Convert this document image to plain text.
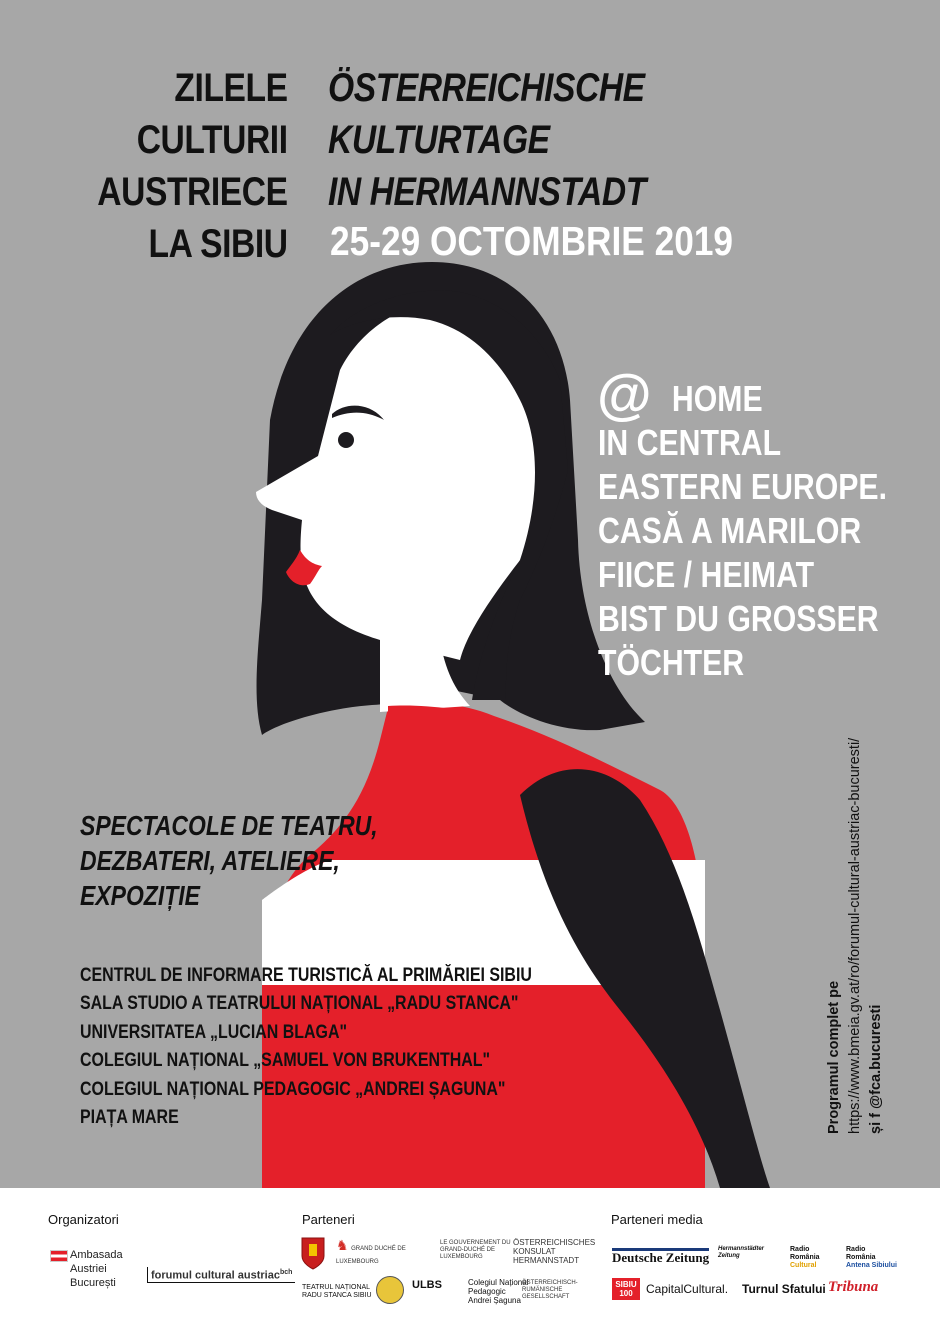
ZILELE
CULTURII
AUSTRIECE
LA SIBIU
ÖSTERREICHISCHE
KULTURTAGE
IN HERMANNSTADT
25-29 OCTOMBRIE 2019
@ HOME
IN CENTRAL
EASTERN EUROPE.
CASĂ A MARILOR
FIICE / HEIMAT
BIST DU GROSSER
TÖCHTER
SPECTACOLE DE TEATRU,
DEZBATERI, ATELIERE,
EXPOZIȚIE
CENTRUL DE INFORMARE TURISTICĂ AL PRIMĂRIEI SIBIU
SALA STUDIO A TEATRULUI NAȚIONAL „RADU STANCA"
UNIVERSITATEA „LUCIAN BLAGA"
COLEGIUL NAȚIONAL „SAMUEL VON BRUKENTHAL"
COLEGIUL NAȚIONAL PEDAGOGIC „ANDREI ȘAGUNA"
PIAȚA MARE	Programul complet pe https://www.bmeia.gv.at/ro/forumul-cultural-austriac-bucuresti/ și f @fca.bucuresti
Organizatori	Parteneri	Parteneri media
Ambasada
Austriei
București
forumul cultural austriac$^{bch}$
♞ GRAND DUCHÉ DE LUXEMBOURG
LE GOUVERNEMENT DU GRAND-DUCHÉ DE LUXEMBOURG
ÖSTERREICHISCHES
KONSULAT
HERMANNSTADT
TEATRUL NAȚIONAL
RADU STANCA SIBIU
ULBS	Colegiul Național
Pedagogic
Andrei Șaguna
ÖSTERREICHISCH-
RUMÄNISCHE
GESELLSCHAFT
Deutsche Zeitung
Hermannstädter Zeitung
Radio
România
Cultural
Radio
România
Antena Sibiului
SIBIU 100	CapitalCultural. Turnul Sfatului Tribuna
